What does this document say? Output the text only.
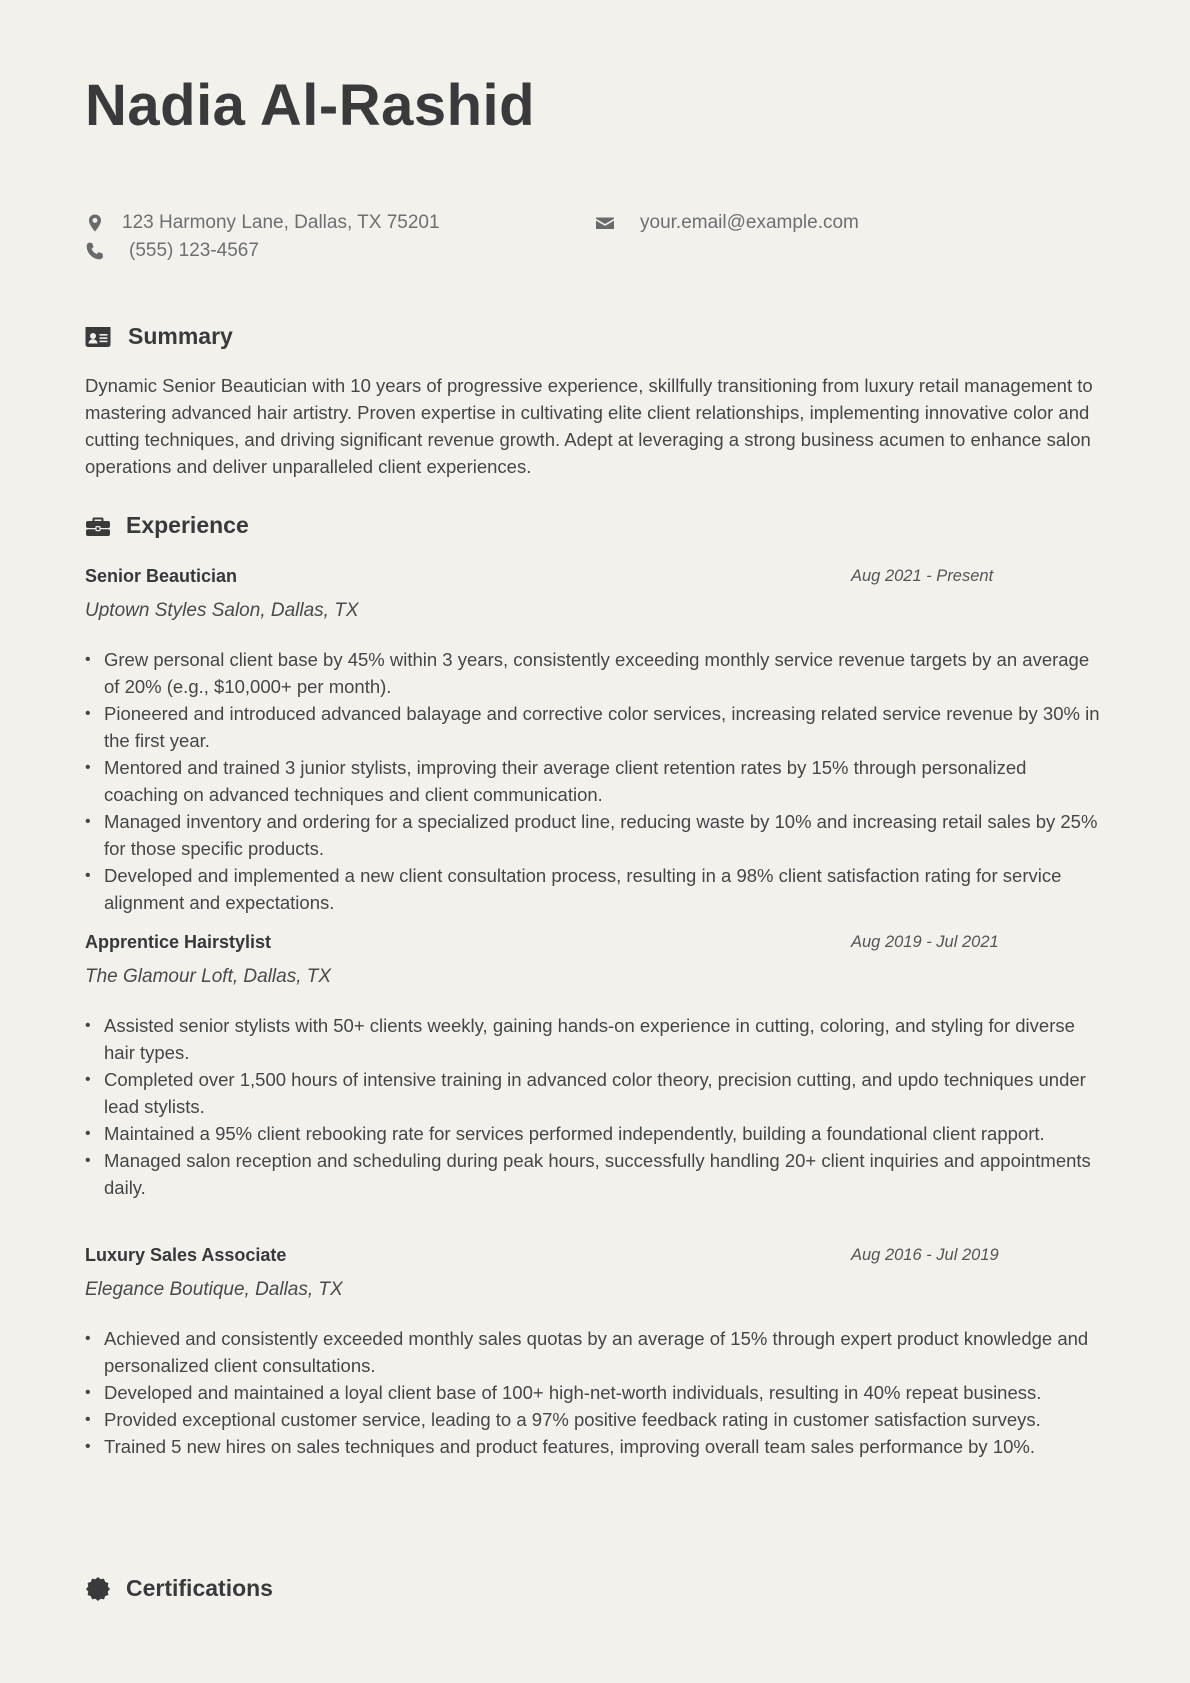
Nadia Al-Rashid
123 Harmony Lane, Dallas, TX 75201	your.email@example.com
(555) 123-4567
Summary

Dynamic Senior Beautician with 10 years of progressive experience, skillfully transitioning from luxury retail management to mastering advanced hair artistry. Proven expertise in cultivating elite client relationships, implementing innovative color and cutting techniques, and driving significant revenue growth. Adept at leveraging a strong business acumen to enhance salon operations and deliver unparalleled client experiences.

Experience
Senior Beautician	Aug 2021 - Present
Uptown Styles Salon, Dallas, TX
• Grew personal client base by 45% within 3 years, consistently exceeding monthly service revenue targets by an average of 20% (e.g., $10,000+ per month).
• Pioneered and introduced advanced balayage and corrective color services, increasing related service revenue by 30% in the first year.
• Mentored and trained 3 junior stylists, improving their average client retention rates by 15% through personalized coaching on advanced techniques and client communication.
• Managed inventory and ordering for a specialized product line, reducing waste by 10% and increasing retail sales by 25% for those specific products.
• Developed and implemented a new client consultation process, resulting in a 98% client satisfaction rating for service alignment and expectations.
Apprentice Hairstylist	Aug 2019 - Jul 2021
The Glamour Loft, Dallas, TX
• Assisted senior stylists with 50+ clients weekly, gaining hands-on experience in cutting, coloring, and styling for diverse hair types.
• Completed over 1,500 hours of intensive training in advanced color theory, precision cutting, and updo techniques under lead stylists.
• Maintained a 95% client rebooking rate for services performed independently, building a foundational client rapport.
• Managed salon reception and scheduling during peak hours, successfully handling 20+ client inquiries and appointments daily.
Luxury Sales Associate	Aug 2016 - Jul 2019
Elegance Boutique, Dallas, TX
• Achieved and consistently exceeded monthly sales quotas by an average of 15% through expert product knowledge and personalized client consultations.
• Developed and maintained a loyal client base of 100+ high-net-worth individuals, resulting in 40% repeat business.
• Provided exceptional customer service, leading to a 97% positive feedback rating in customer satisfaction surveys.
• Trained 5 new hires on sales techniques and product features, improving overall team sales performance by 10%.
Certifications
